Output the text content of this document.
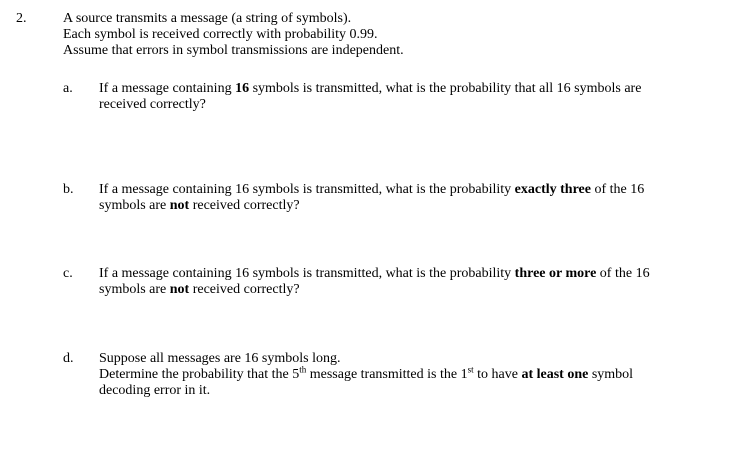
2.	A source transmits a message (a string of symbols).
Each symbol is received correctly with probability 0.99.
Assume that errors in symbol transmissions are independent.
a. If a message containing 16 symbols is transmitted, what is the probability that all 16 symbols are
received correctly?
b. If a message containing 16 symbols is transmitted, what is the probability exactly three of the 16
symbols are not received correctly?
c. If a message containing 16 symbols is transmitted, what is the probability three or more of the 16
symbols are not received correctly?
d. Suppose all messages are 16 symbols long.
Determine the probability that the 5th message transmitted is the 1st to have at least one symbol
decoding error in it.
